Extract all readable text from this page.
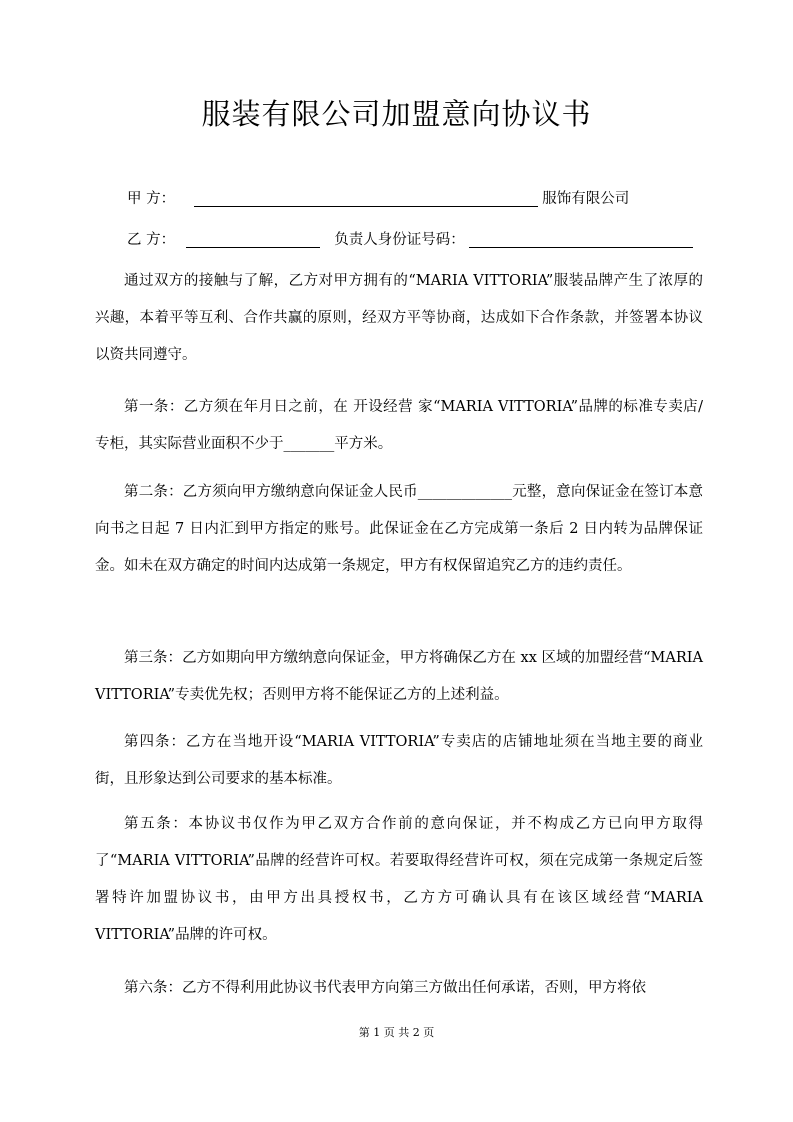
服装有限公司加盟意向协议书
甲 方：	服饰有限公司
乙 方：	负责人身份证号码：

通过双方的接触与了解，乙方对甲方拥有的“MARIA VITTORIA”服装品牌产生了浓厚的兴趣，本着平等互利、合作共赢的原则，经双方平等协商，达成如下合作条款，并签署本协议以资共同遵守。

第一条：乙方须在年月日之前，在 开设经营 家“MARIA VITTORIA”品牌的标准专卖店/专柜，其实际营业面积不少于_______平方米。

第二条：乙方须向甲方缴纳意向保证金人民币_____________元整，意向保证金在签订本意向书之日起 7 日内汇到甲方指定的账号。此保证金在乙方完成第一条后 2 日内转为品牌保证金。如未在双方确定的时间内达成第一条规定，甲方有权保留追究乙方的违约责任。

第三条：乙方如期向甲方缴纳意向保证金，甲方将确保乙方在 xx 区域的加盟经营“MARIA VITTORIA”专卖优先权；否则甲方将不能保证乙方的上述利益。

第四条：乙方在当地开设“MARIA VITTORIA”专卖店的店铺地址须在当地主要的商业街，且形象达到公司要求的基本标准。

第五条：本协议书仅作为甲乙双方合作前的意向保证，并不构成乙方已向甲方取得了“MARIA VITTORIA”品牌的经营许可权。若要取得经营许可权，须在完成第一条规定后签署特许加盟协议书，由甲方出具授权书，乙方方可确认具有在该区域经营“MARIA VITTORIA”品牌的许可权。

第六条：乙方不得利用此协议书代表甲方向第三方做出任何承诺，否则，甲方将依

第 1 页 共 2 页
